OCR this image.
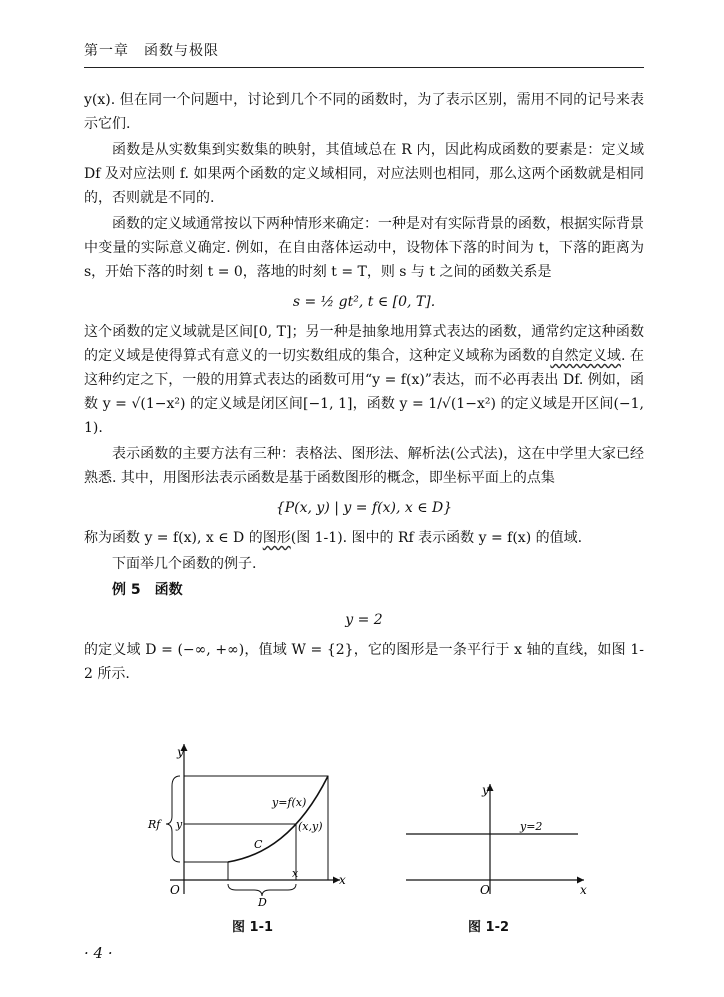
第一章　函数与极限

y(x). 但在同一个问题中，讨论到几个不同的函数时，为了表示区别，需用不同的记号来表示它们.

函数是从实数集到实数集的映射，其值域总在 R 内，因此构成函数的要素是：定义域 Df 及对应法则 f. 如果两个函数的定义域相同，对应法则也相同，那么这两个函数就是相同的，否则就是不同的.

函数的定义域通常按以下两种情形来确定：一种是对有实际背景的函数，根据实际背景中变量的实际意义确定. 例如，在自由落体运动中，设物体下落的时间为 t，下落的距离为 s，开始下落的时刻 t = 0，落地的时刻 t = T，则 s 与 t 之间的函数关系是

s = ½ gt², t ∈ [0, T].

这个函数的定义域就是区间[0, T]；另一种是抽象地用算式表达的函数，通常约定这种函数的定义域是使得算式有意义的一切实数组成的集合，这种定义域称为函数的自然定义域. 在这种约定之下，一般的用算式表达的函数可用“y = f(x)”表达，而不必再表出 Df. 例如，函数 y = √(1−x²) 的定义域是闭区间[−1, 1]，函数 y = 1/√(1−x²) 的定义域是开区间(−1, 1).

表示函数的主要方法有三种：表格法、图形法、解析法(公式法)，这在中学里大家已经熟悉. 其中，用图形法表示函数是基于函数图形的概念，即坐标平面上的点集

{P(x, y) | y = f(x), x ∈ D}

称为函数 y = f(x), x ∈ D 的图形(图 1-1). 图中的 Rf 表示函数 y = f(x) 的值域.

下面举几个函数的例子.

例 5　 函数

y = 2

的定义域 D = (−∞, +∞)，值域 W = {2}，它的图形是一条平行于 x 轴的直线，如图 1-2 所示.

y
x
O
y=f(x)
(x,y)
C
Rf y
x
D
y
x
O
y=2
图 1-1	图 1-2
· 4 ·
